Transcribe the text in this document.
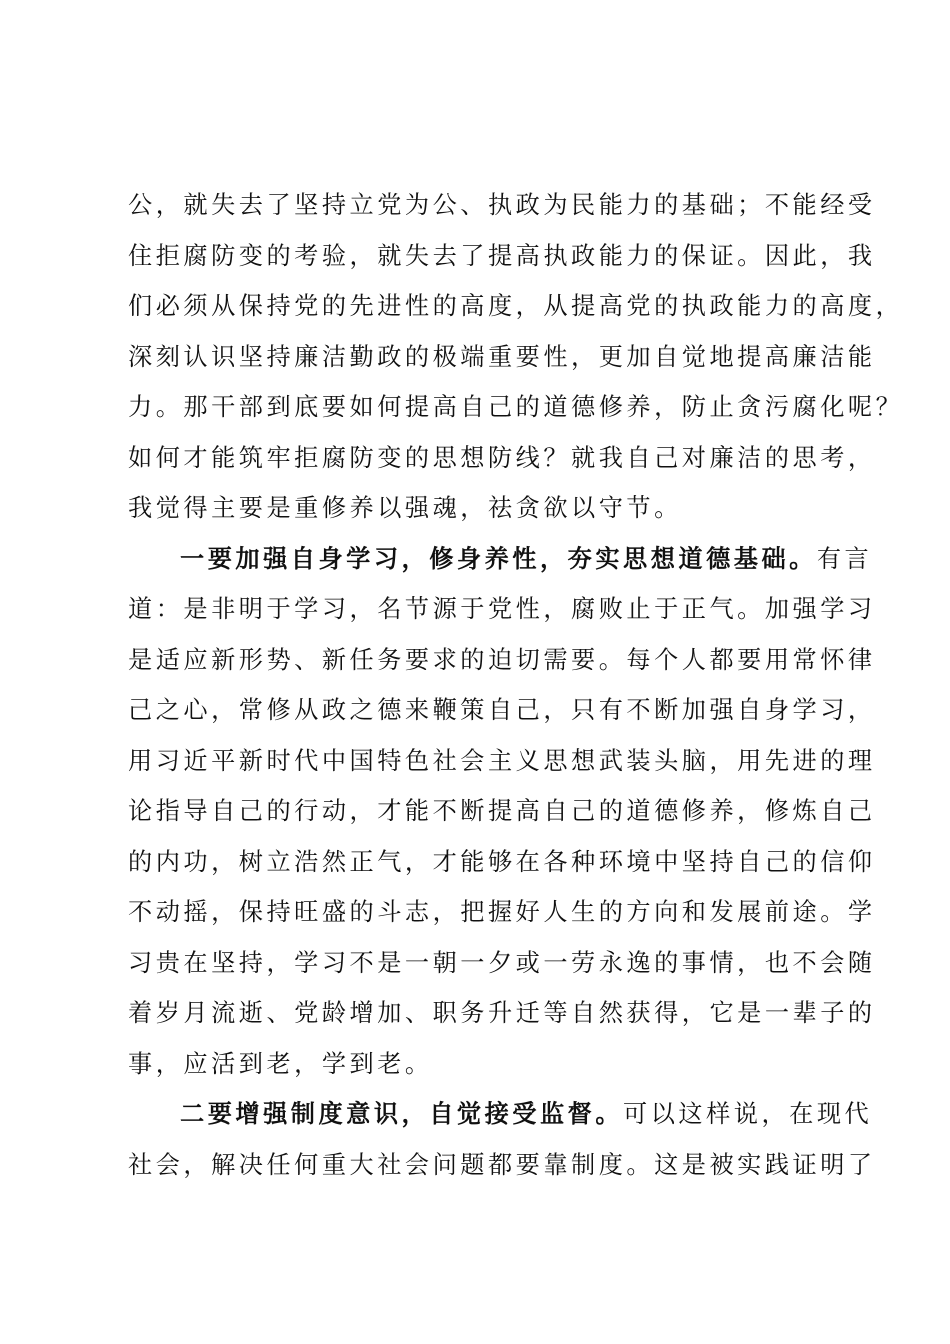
公，就失去了坚持立党为公、执政为民能力的基础；不能经受
住拒腐防变的考验，就失去了提高执政能力的保证。因此，我
们必须从保持党的先进性的高度，从提高党的执政能力的高度，
深刻认识坚持廉洁勤政的极端重要性，更加自觉地提高廉洁能
力。那干部到底要如何提高自己的道德修养，防止贪污腐化呢？
如何才能筑牢拒腐防变的思想防线？就我自己对廉洁的思考，
我觉得主要是重修养以强魂，祛贪欲以守节。
一要加强自身学习，修身养性，夯实思想道德基础。 有言
道：是非明于学习，名节源于党性，腐败止于正气。加强学习
是适应新形势、新任务要求的迫切需要。每个人都要用常怀律
己之心，常修从政之德来鞭策自己，只有不断加强自身学习，
用习近平新时代中国特色社会主义思想武装头脑，用先进的理
论指导自己的行动，才能不断提高自己的道德修养，修炼自己
的内功，树立浩然正气，才能够在各种环境中坚持自己的信仰
不动摇，保持旺盛的斗志，把握好人生的方向和发展前途。学
习贵在坚持，学习不是一朝一夕或一劳永逸的事情，也不会随
着岁月流逝、党龄增加、职务升迁等自然获得，它是一辈子的
事，应活到老，学到老。
二要增强制度意识，自觉接受监督。 可以这样说，在现代
社会，解决任何重大社会问题都要靠制度。这是被实践证明了
